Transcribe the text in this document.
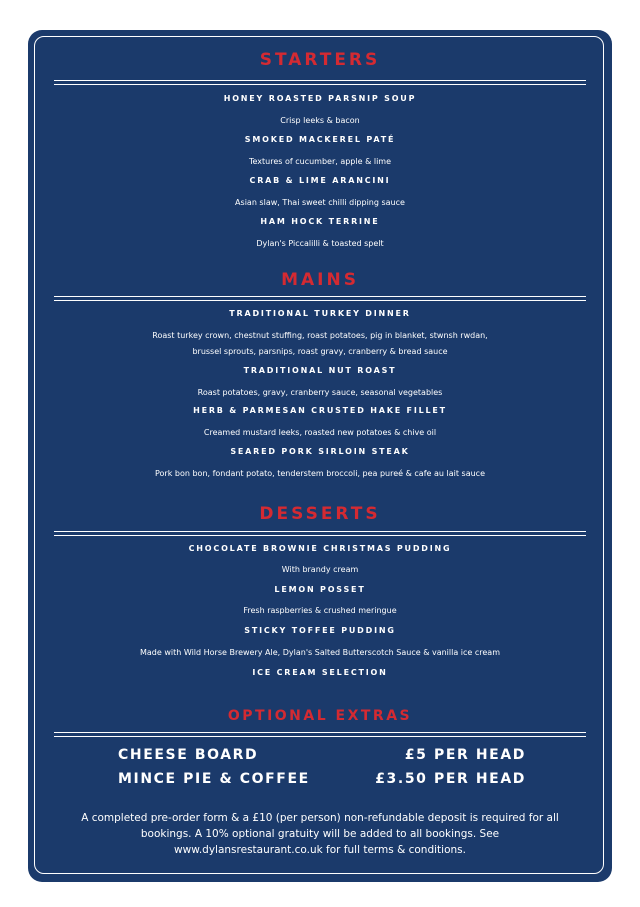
STARTERS
HONEY ROASTED PARSNIP SOUP
Crisp leeks & bacon
SMOKED MACKEREL PATÉ
Textures of cucumber, apple & lime
CRAB & LIME ARANCINI
Asian slaw, Thai sweet chilli dipping sauce
HAM HOCK TERRINE
Dylan's Piccalilli & toasted spelt
MAINS
TRADITIONAL TURKEY DINNER
Roast turkey crown, chestnut stuffing, roast potatoes, pig in blanket, stwnsh rwdan,
brussel sprouts, parsnips, roast gravy, cranberry & bread sauce
TRADITIONAL NUT ROAST
Roast potatoes, gravy, cranberry sauce, seasonal vegetables
HERB & PARMESAN CRUSTED HAKE FILLET
Creamed mustard leeks, roasted new potatoes & chive oil
SEARED PORK SIRLOIN STEAK
Pork bon bon, fondant potato, tenderstem broccoli, pea pureé & cafe au lait sauce
DESSERTS
CHOCOLATE BROWNIE CHRISTMAS PUDDING
With brandy cream
LEMON POSSET
Fresh raspberries & crushed meringue
STICKY TOFFEE PUDDING
Made with Wild Horse Brewery Ale, Dylan's Salted Butterscotch Sauce & vanilla ice cream
ICE CREAM SELECTION
OPTIONAL EXTRAS
CHEESE BOARD	£5 PER HEAD
MINCE PIE & COFFEE	£3.50 PER HEAD
A completed pre-order form & a £10 (per person) non-refundable deposit is required for all
bookings. A 10% optional gratuity will be added to all bookings. See
www.dylansrestaurant.co.uk for full terms & conditions.
